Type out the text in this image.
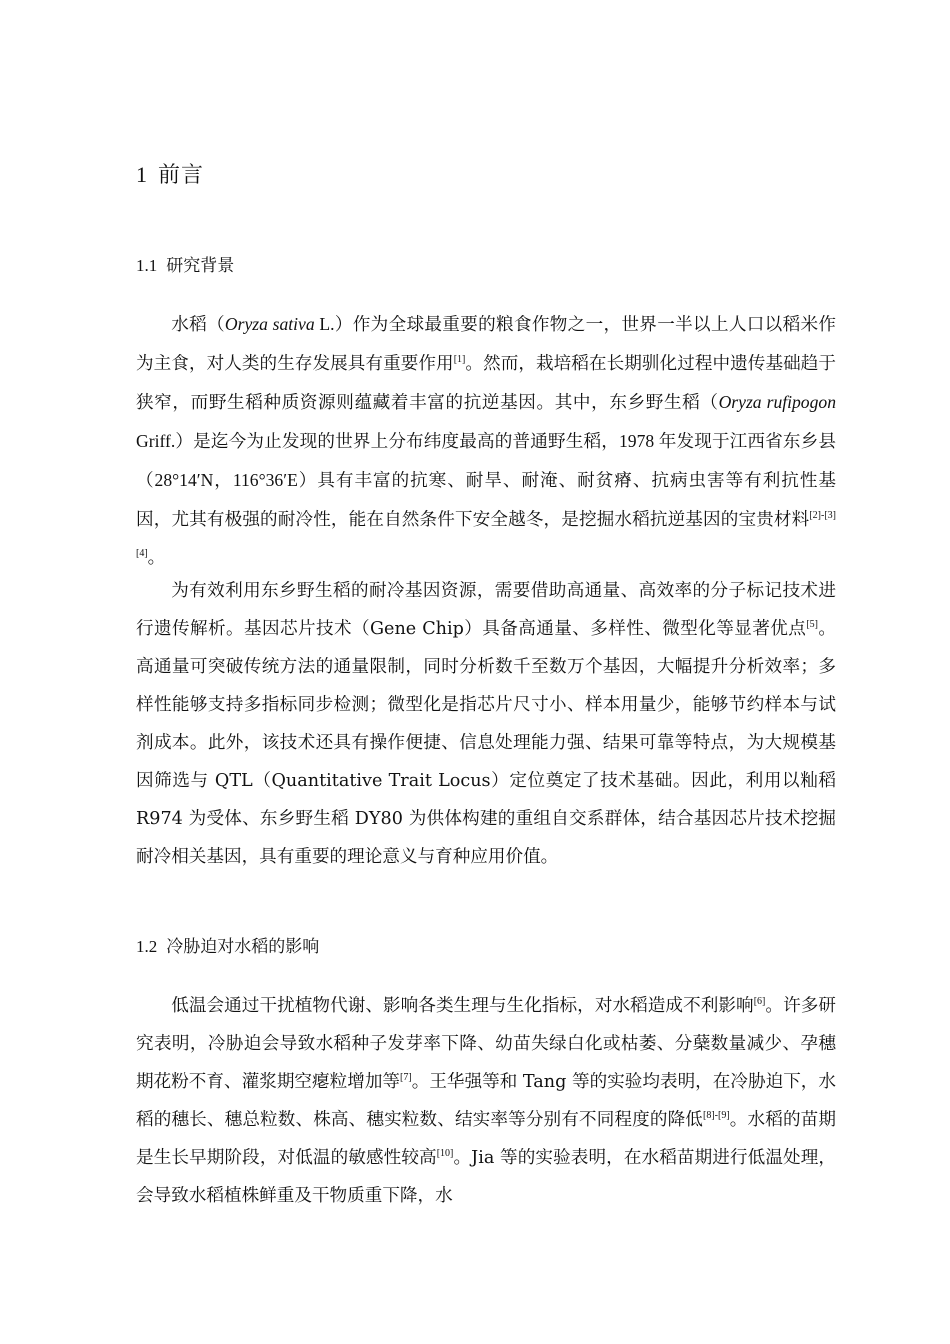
1 前言
1.1 研究背景

水稻（Oryza sativa L.）作为全球最重要的粮食作物之一，世界一半以上人口以稻米作为主食，对人类的生存发展具有重要作用[1]。然而，栽培稻在长期驯化过程中遗传基础趋于狭窄，而野生稻种质资源则蕴藏着丰富的抗逆基因。其中，东乡野生稻（Oryza rufipogon Griff.）是迄今为止发现的世界上分布纬度最高的普通野生稻，1978 年发现于江西省东乡县（28°14′N，116°36′E）具有丰富的抗寒、耐旱、耐淹、耐贫瘠、抗病虫害等有利抗性基因，尤其有极强的耐冷性，能在自然条件下安全越冬，是挖掘水稻抗逆基因的宝贵材料[2]-[3][4]。

为有效利用东乡野生稻的耐冷基因资源，需要借助高通量、高效率的分子标记技术进行遗传解析。基因芯片技术（Gene Chip）具备高通量、多样性、微型化等显著优点[5]。高通量可突破传统方法的通量限制，同时分析数千至数万个基因，大幅提升分析效率；多样性能够支持多指标同步检测；微型化是指芯片尺寸小、样本用量少，能够节约样本与试剂成本。此外，该技术还具有操作便捷、信息处理能力强、结果可靠等特点，为大规模基因筛选与 QTL（Quantitative Trait Locus）定位奠定了技术基础。因此，利用以籼稻 R974 为受体、东乡野生稻 DY80 为供体构建的重组自交系群体，结合基因芯片技术挖掘耐冷相关基因，具有重要的理论意义与育种应用价值。

1.2 冷胁迫对水稻的影响

低温会通过干扰植物代谢、影响各类生理与生化指标，对水稻造成不利影响[6]。许多研究表明，冷胁迫会导致水稻种子发芽率下降、幼苗失绿白化或枯萎、分蘖数量减少、孕穗期花粉不育、灌浆期空瘪粒增加等[7]。王华强等和 Tang 等的实验均表明，在冷胁迫下，水稻的穗长、穗总粒数、株高、穗实粒数、结实率等分别有不同程度的降低[8]-[9]。水稻的苗期是生长早期阶段，对低温的敏感性较高[10]。Jia 等的实验表明，在水稻苗期进行低温处理，会导致水稻植株鲜重及干物质重下降，水
